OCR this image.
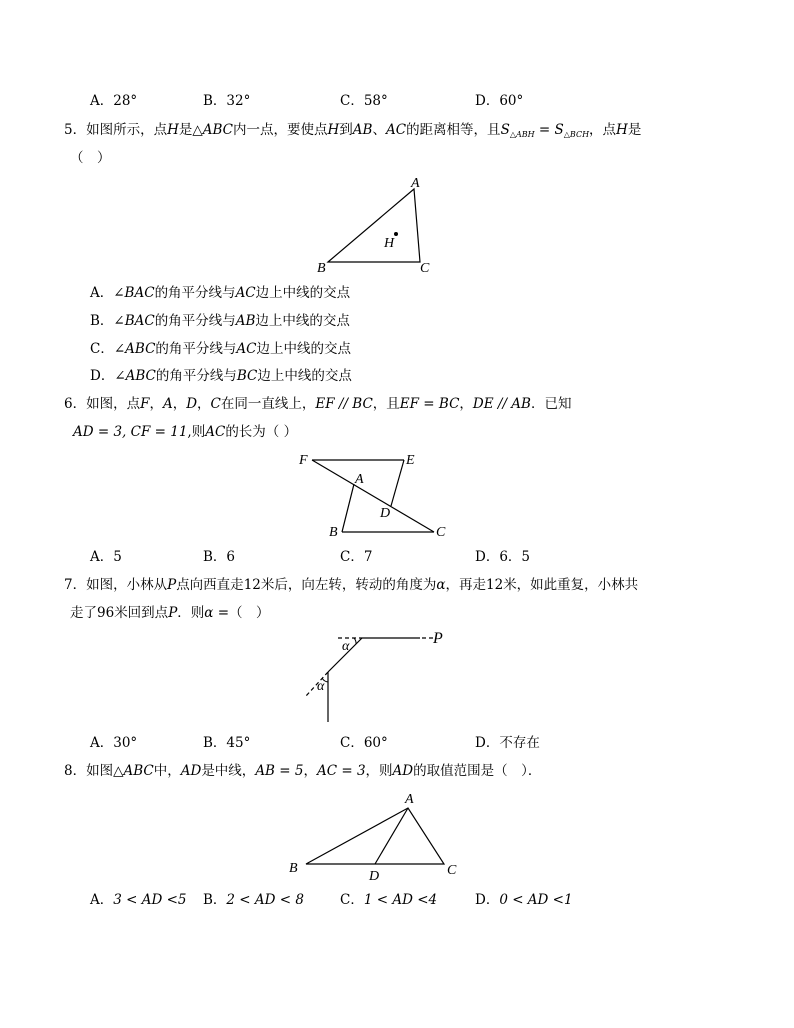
A．28°	B．32°	C．58°	D．60°
5．如图所示，点H是△ABC内一点，要使点H到AB、AC的距离相等，且$S_{\triangle ABH} = S_{\triangle BCH}$，点H是
（　）
A
B	C
H
A．∠BAC的角平分线与AC边上中线的交点
B．∠BAC的角平分线与AB边上中线的交点
C．∠ABC的角平分线与AC边上中线的交点
D．∠ABC的角平分线与BC边上中线的交点
6．如图，点F，A，D，C在同一直线上，EF // BC，且EF = BC，DE // AB．已知
AD = 3, CF = 11,则AC的长为（ ）
F	E
A
D
B	C
A．5	B．6	C．7	D．6．5
7．如图，小林从P点向西直走12米后，向左转，转动的角度为α，再走12米，如此重复，小林共
走了96米回到点P．则α =（　）
α
α
P
A．30°	B．45°	C．60°	D．不存在
8．如图△ABC中，AD是中线，AB = 5，AC = 3，则AD的取值范围是（　）．
A
B	C
D
A．3 < AD <5 B．2 < AD < 8	C．1 < AD <4	D．0 < AD <1
